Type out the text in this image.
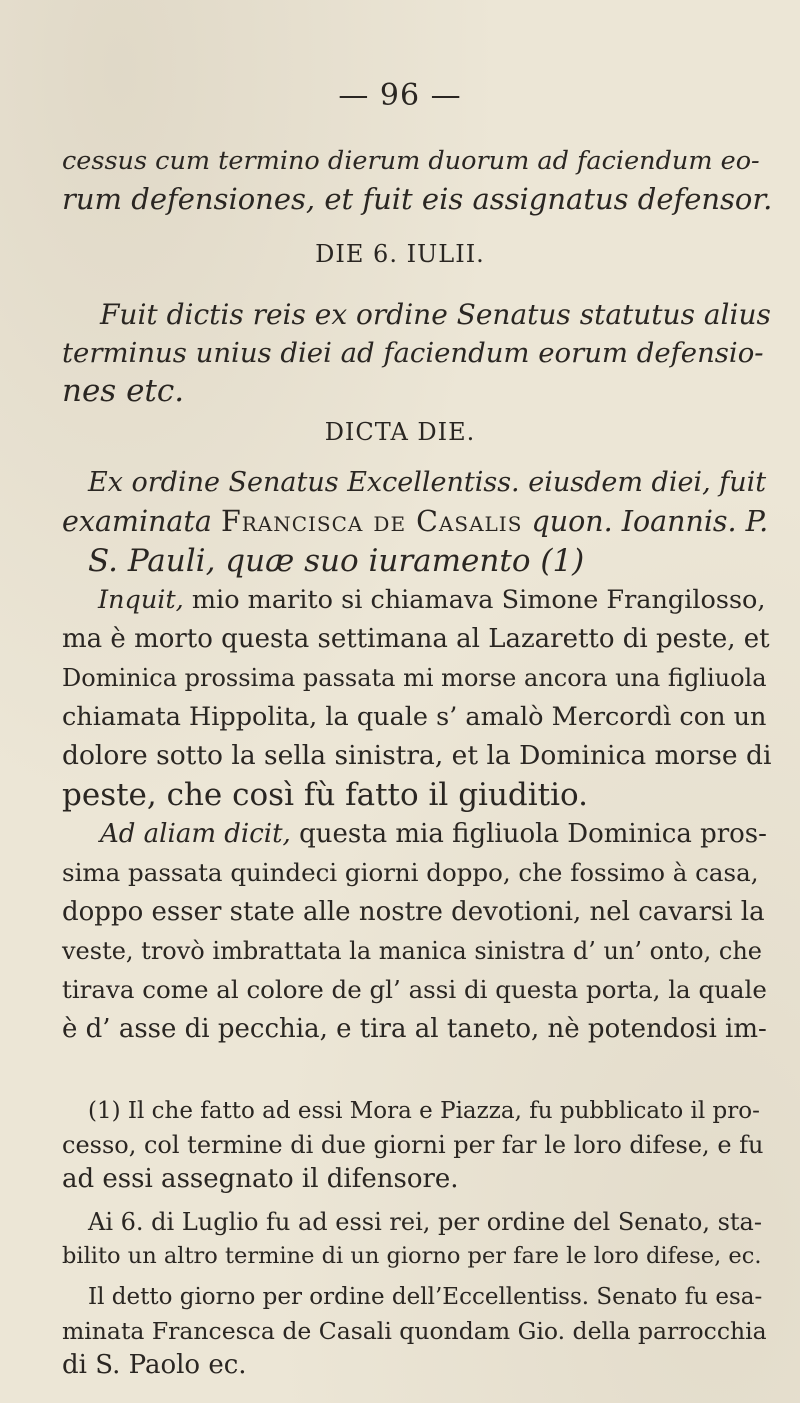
— 96 —
cessus cum termino dierum duorum ad faciendum eo-
rum defensiones, et fuit eis assignatus defensor.
DIE 6. IULII.
Fuit dictis reis ex ordine Senatus statutus alius
terminus unius diei ad faciendum eorum defensio-
nes etc.
DICTA DIE.
Ex ordine Senatus Excellentiss. eiusdem diei, fuit
examinata Francisca de Casalis quon. Ioannis. P.
S. Pauli, quæ suo iuramento (1)
Inquit, mio marito si chiamava Simone Frangilosso,
ma è morto questa settimana al Lazaretto di peste, et
Dominica prossima passata mi morse ancora una figliuola
chiamata Hippolita, la quale s’ amalò Mercordì con un
dolore sotto la sella sinistra, et la Dominica morse di
peste, che così fù fatto il giuditio.
Ad aliam dicit, questa mia figliuola Dominica pros-
sima passata quindeci giorni doppo, che fossimo à casa,
doppo esser state alle nostre devotioni, nel cavarsi la
veste, trovò imbrattata la manica sinistra d’ un’ onto, che
tirava come al colore de gl’ assi di questa porta, la quale
è d’ asse di pecchia, e tira al taneto, nè potendosi im-
(1) Il che fatto ad essi Mora e Piazza, fu pubblicato il pro-
cesso, col termine di due giorni per far le loro difese, e fu
ad essi assegnato il difensore.
Ai 6. di Luglio fu ad essi rei, per ordine del Senato, sta-
bilito un altro termine di un giorno per fare le loro difese, ec.
Il detto giorno per ordine dell’Eccellentiss. Senato fu esa-
minata Francesca de Casali quondam Gio. della parrocchia
di S. Paolo ec.
